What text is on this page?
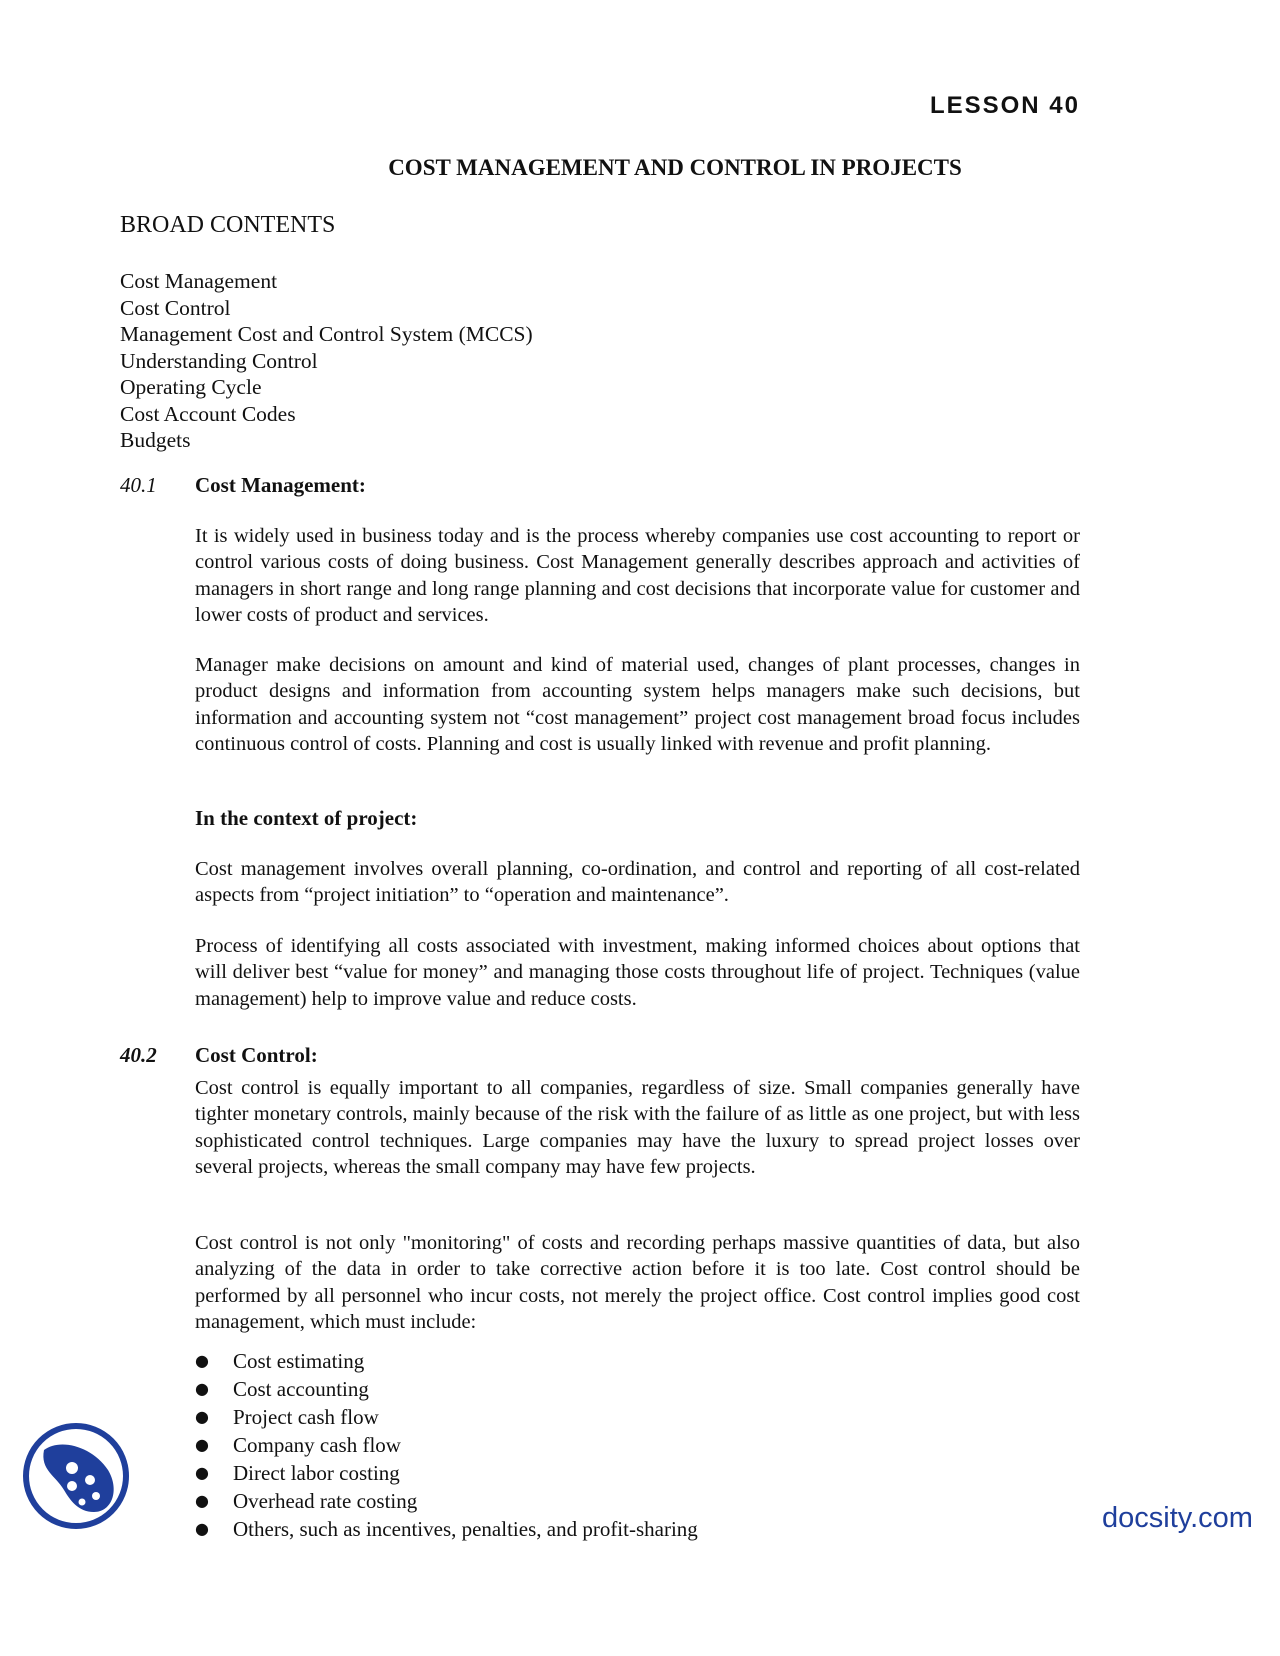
LESSON 40
COST MANAGEMENT AND CONTROL IN PROJECTS
BROAD CONTENTS
Cost Management
Cost Control
Management Cost and Control System (MCCS)
Understanding Control
Operating Cycle
Cost Account Codes
Budgets
40.1 Cost Management:

It is widely used in business today and is the process whereby companies use cost accounting to report or control various costs of doing business. Cost Management generally describes approach and activities of managers in short range and long range planning and cost decisions that incorporate value for customer and lower costs of product and services.

Manager make decisions on amount and kind of material used, changes of plant processes, changes in product designs and information from accounting system helps managers make such decisions, but information and accounting system not “cost management” project cost management broad focus includes continuous control of costs. Planning and cost is usually linked with revenue and profit planning.

In the context of project:

Cost management involves overall planning, co-ordination, and control and reporting of all cost-related aspects from “project initiation” to “operation and maintenance”.

Process of identifying all costs associated with investment, making informed choices about options that will deliver best “value for money” and managing those costs throughout life of project. Techniques (value management) help to improve value and reduce costs.

40.2 Cost Control:

Cost control is equally important to all companies, regardless of size. Small companies generally have tighter monetary controls, mainly because of the risk with the failure of as little as one project, but with less sophisticated control techniques. Large companies may have the luxury to spread project losses over several projects, whereas the small company may have few projects.

Cost control is not only "monitoring" of costs and recording perhaps massive quantities of data, but also analyzing of the data in order to take corrective action before it is too late. Cost control should be performed by all personnel who incur costs, not merely the project office. Cost control implies good cost management, which must include:

● Cost estimating
● Cost accounting
● Project cash flow
● Company cash flow
● Direct labor costing
● Overhead rate costing
● Others, such as incentives, penalties, and profit-sharing	docsity.com
